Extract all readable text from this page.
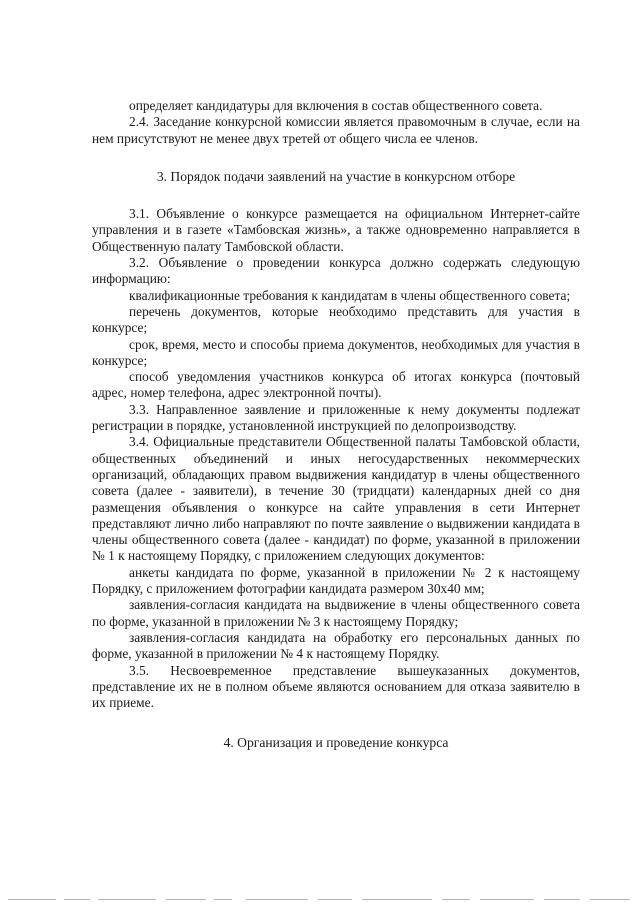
определяет кандидатуры для включения в состав общественного совета.

2.4. Заседание конкурсной комиссии является правомочным в случае, если на нем присутствуют не менее двух третей от общего числа ее членов.

3. Порядок подачи заявлений на участие в конкурсном отборе

3.1. Объявление о конкурсе размещается на официальном Интернет-сайте управления и в газете «Тамбовская жизнь», а также одновременно направляется в Общественную палату Тамбовской области.

3.2. Объявление о проведении конкурса должно содержать следующую информацию:

квалификационные требования к кандидатам в члены общественного совета;

перечень документов, которые необходимо представить для участия в конкурсе;

срок, время, место и способы приема документов, необходимых для участия в конкурсе;

способ уведомления участников конкурса об итогах конкурса (почтовый адрес, номер телефона, адрес электронной почты).

3.3. Направленное заявление и приложенные к нему документы подлежат регистрации в порядке, установленной инструкцией по делопроизводству.

3.4. Официальные представители Общественной палаты Тамбовской области, общественных объединений и иных негосударственных некоммерческих организаций, обладающих правом выдвижения кандидатур в члены общественного совета (далее - заявители), в течение 30 (тридцати) календарных дней со дня размещения объявления о конкурсе на сайте управления в сети Интернет представляют лично либо направляют по почте заявление о выдвижении кандидата в члены общественного совета (далее - кандидат) по форме, указанной в приложении № 1 к настоящему Порядку, с приложением следующих документов:

анкеты кандидата по форме, указанной в приложении № 2 к настоящему Порядку, с приложением фотографии кандидата размером 30х40 мм;

заявления-согласия кандидата на выдвижение в члены общественного совета по форме, указанной в приложении № 3 к настоящему Порядку;

заявления-согласия кандидата на обработку его персональных данных по форме, указанной в приложении № 4 к настоящему Порядку.

3.5. Несвоевременное представление вышеуказанных документов, представление их не в полном объеме являются основанием для отказа заявителю в их приеме.

4. Организация и проведение конкурса
